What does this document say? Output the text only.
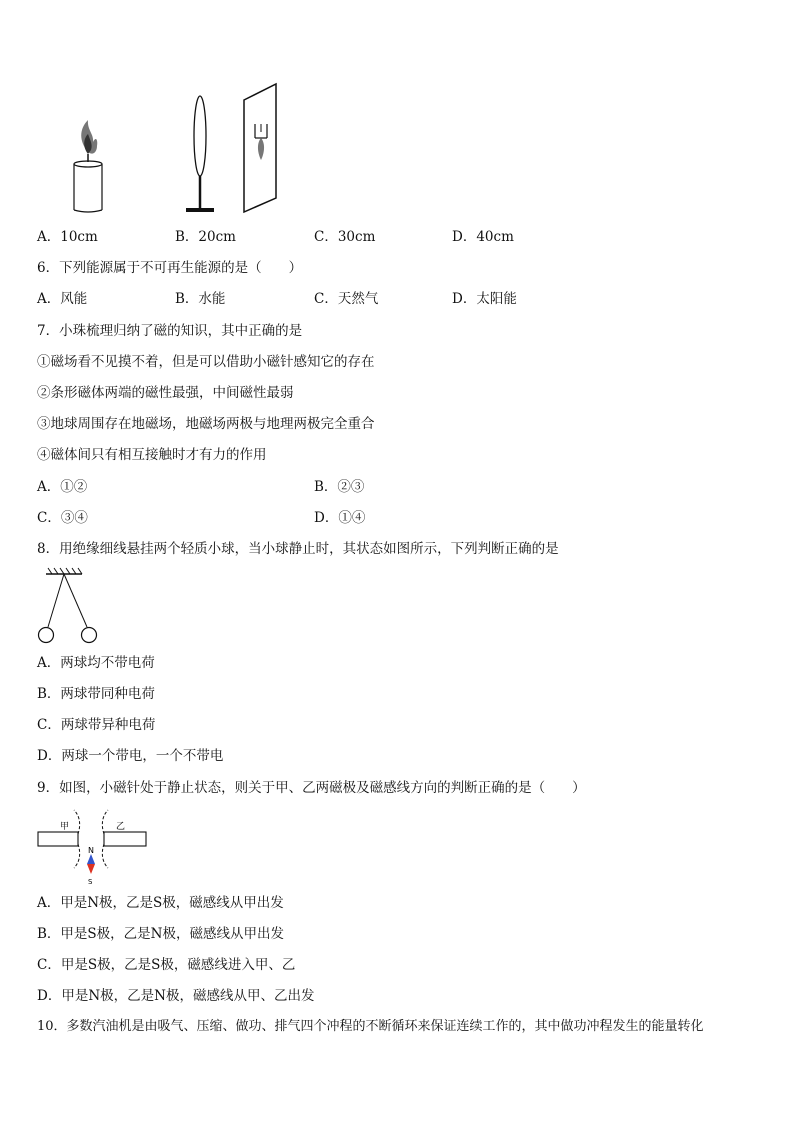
A．10cm	B．20cm	C．30cm	D．40cm
6．下列能源属于不可再生能源的是（　　）
A．风能	B．水能	C．天然气	D．太阳能
7．小珠梳理归纳了磁的知识，其中正确的是
①磁场看不见摸不着，但是可以借助小磁针感知它的存在
②条形磁体两端的磁性最强，中间磁性最弱
③地球周围存在地磁场，地磁场两极与地理两极完全重合
④磁体间只有相互接触时才有力的作用
A．①②	B．②③
C．③④	D．①④
8．用绝缘细线悬挂两个轻质小球，当小球静止时，其状态如图所示，下列判断正确的是
A．两球均不带电荷
B．两球带同种电荷
C．两球带异种电荷
D．两球一个带电，一个不带电
9．如图，小磁针处于静止状态，则关于甲、乙两磁极及磁感线方向的判断正确的是（　　）
甲	乙
N
S
A．甲是N极，乙是S极，磁感线从甲出发
B．甲是S极，乙是N极，磁感线从甲出发
C．甲是S极，乙是S极，磁感线进入甲、乙
D．甲是N极，乙是N极，磁感线从甲、乙出发
10．多数汽油机是由吸气、压缩、做功、排气四个冲程的不断循环来保证连续工作的，其中做功冲程发生的能量转化
